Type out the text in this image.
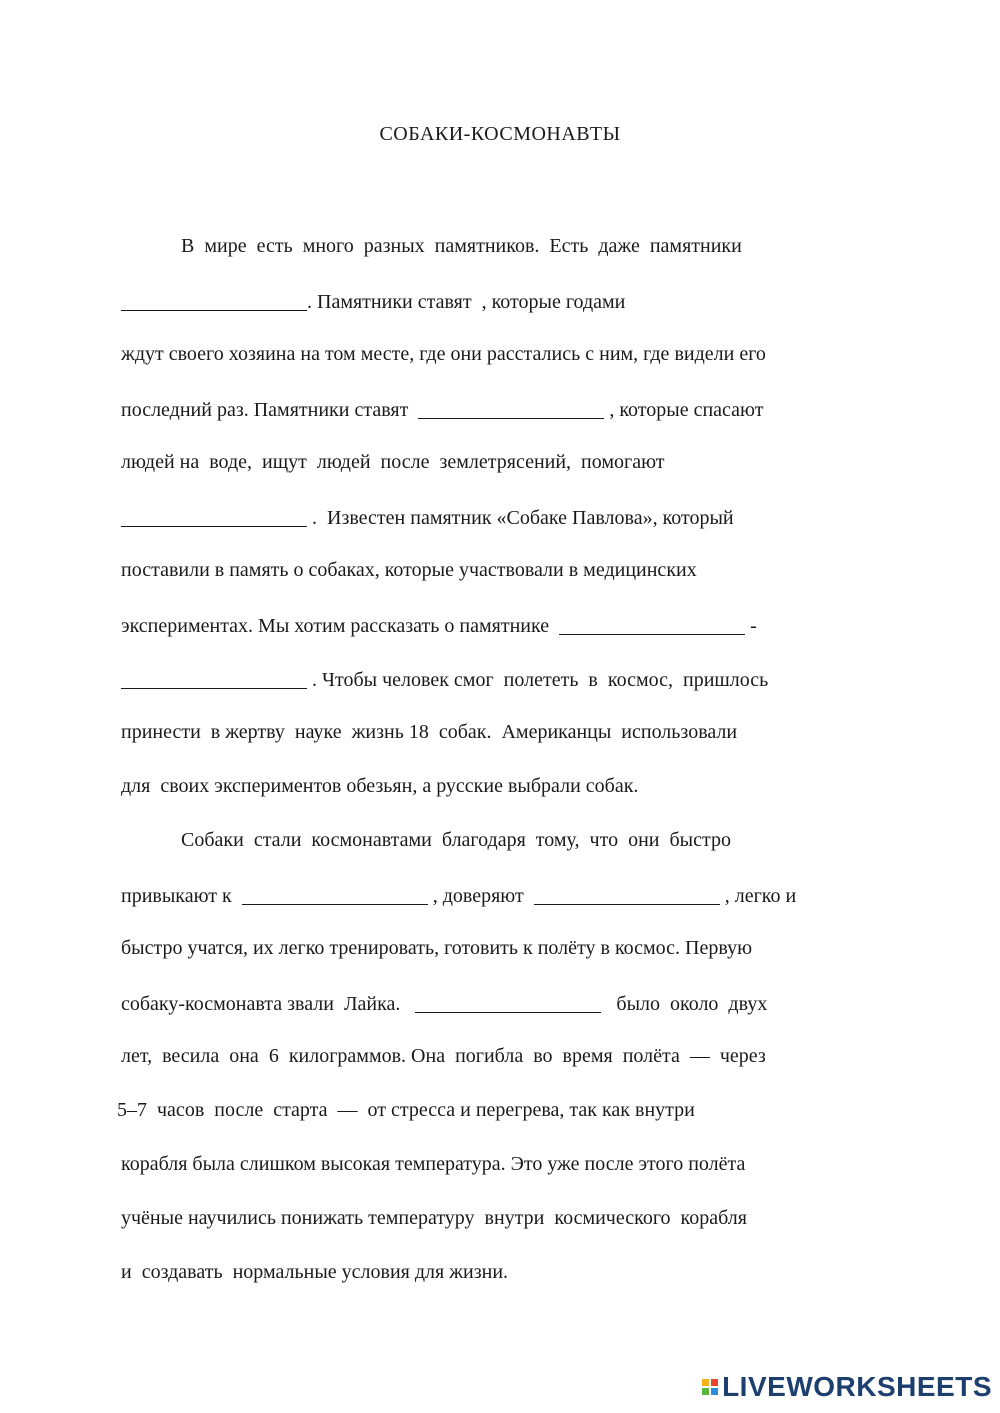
СОБАКИ-КОСМОНАВТЫ
В  мире  есть  много  разных  памятников.  Есть  даже  памятники
. Памятники ставят  , которые годами
ждут своего хозяина на том месте, где они расстались с ним, где видели его
последний раз. Памятники ставят	, которые спасают
людей на  воде,  ищут  людей  после  землетрясений,  помогают
.  Известен памятник «Собаке Павлова», который
поставили в память о собаках, которые участвовали в медицинских
экспериментах. Мы хотим рассказать о памятнике	-
. Чтобы человек смог  полететь  в  космос,  пришлось
принести  в жертву  науке  жизнь 18  собак.  Американцы  использовали
для  своих экспериментов обезьян, а русские выбрали собак.
Собаки  стали  космонавтами  благодаря  тому,  что  они  быстро
привыкают к	, доверяют	, легко и
быстро учатся, их легко тренировать, готовить к полёту в космос. Первую
собаку-космонавта звали  Лайка.	было  около  двух
лет,  весила  она  6  килограммов. Она  погибла  во  время  полёта  —  через
5–7  часов  после  старта  —  от стресса и перегрева, так как внутри
корабля была слишком высокая температура. Это уже после этого полёта
учёные научились понижать температуру  внутри  космического  корабля
и  создавать  нормальные условия для жизни.
LIVEWORKSHEETS
